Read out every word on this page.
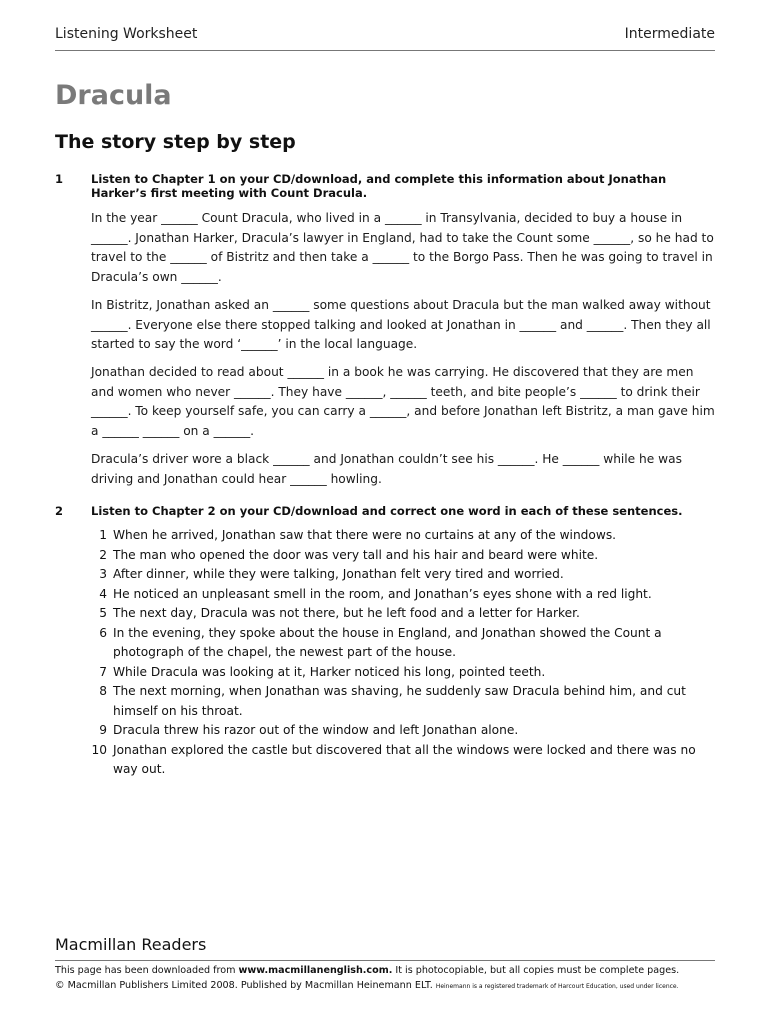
Listening Worksheet	Intermediate
Dracula
The story step by step
1 Listen to Chapter 1 on your CD/download, and complete this information about Jonathan Harker’s first meeting with Count Dracula.
In the year ______ Count Dracula, who lived in a ______ in Transylvania, decided to buy a house in ______. Jonathan Harker, Dracula’s lawyer in England, had to take the Count some ______, so he had to travel to the ______ of Bistritz and then take a ______ to the Borgo Pass. Then he was going to travel in Dracula’s own ______.
In Bistritz, Jonathan asked an ______ some questions about Dracula but the man walked away without ______. Everyone else there stopped talking and looked at Jonathan in ______ and ______. Then they all started to say the word ‘______’ in the local language.
Jonathan decided to read about ______ in a book he was carrying. He discovered that they are men and women who never ______. They have ______, ______ teeth, and bite people’s ______ to drink their ______. To keep yourself safe, you can carry a ______, and before Jonathan left Bistritz, a man gave him a ______ ______ on a ______.
Dracula’s driver wore a black ______ and Jonathan couldn’t see his ______. He ______ while he was driving and Jonathan could hear ______ howling.
2 Listen to Chapter 2 on your CD/download and correct one word in each of these sentences.
1 When he arrived, Jonathan saw that there were no curtains at any of the windows.
2 The man who opened the door was very tall and his hair and beard were white.
3 After dinner, while they were talking, Jonathan felt very tired and worried.
4 He noticed an unpleasant smell in the room, and Jonathan’s eyes shone with a red light.
5 The next day, Dracula was not there, but he left food and a letter for Harker.
6 In the evening, they spoke about the house in England, and Jonathan showed the Count a photograph of the chapel, the newest part of the house.
7 While Dracula was looking at it, Harker noticed his long, pointed teeth.
8 The next morning, when Jonathan was shaving, he suddenly saw Dracula behind him, and cut himself on his throat.
9 Dracula threw his razor out of the window and left Jonathan alone.
10 Jonathan explored the castle but discovered that all the windows were locked and there was no way out.
Macmillan Readers
This page has been downloaded from www.macmillanenglish.com. It is photocopiable, but all copies must be complete pages.
© Macmillan Publishers Limited 2008. Published by Macmillan Heinemann ELT. Heinemann is a registered trademark of Harcourt Education, used under licence.
